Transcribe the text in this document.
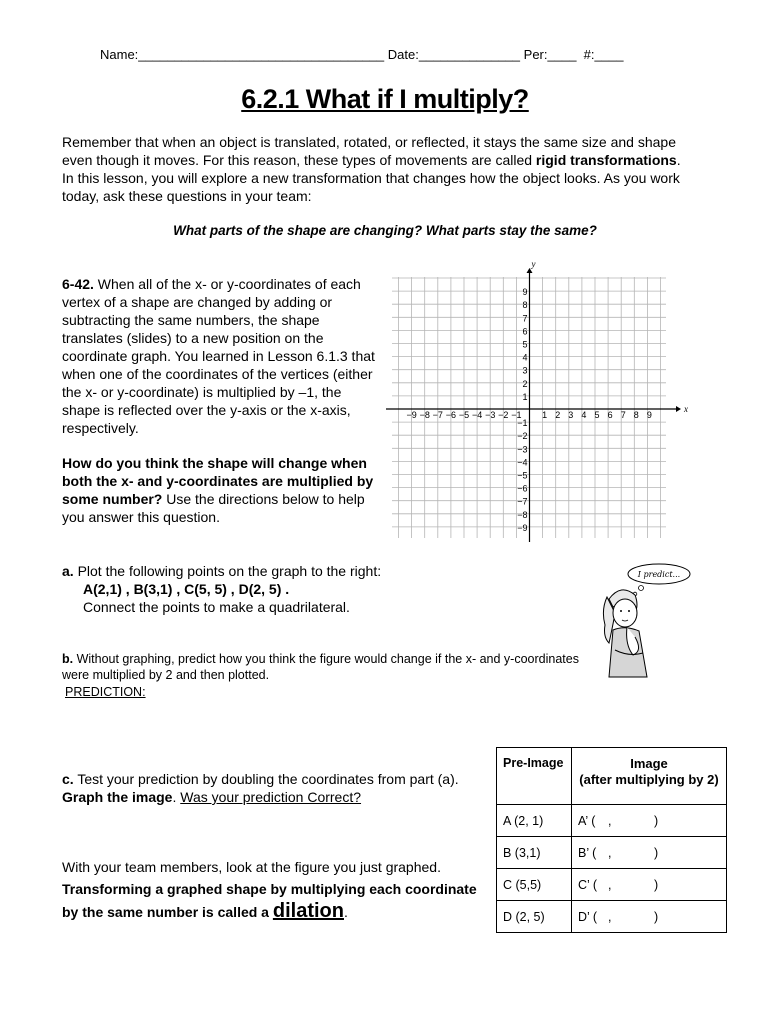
Name:__________________________________ Date:______________ Per:____  #:____
6.2.1 What if I multiply?
Remember that when an object is translated, rotated, or reflected, it stays the same size and shape even though it moves. For this reason, these types of movements are called rigid transformations. In this lesson, you will explore a new transformation that changes how the object looks. As you work today, ask these questions in your team:
What parts of the shape are changing? What parts stay the same?
6-42. When all of the x- or y-coordinates of each vertex of a shape are changed by adding or subtracting the same numbers, the shape translates (slides) to a new position on the coordinate graph. You learned in Lesson 6.1.3 that when one of the coordinates of the vertices (either the x- or y-coordinate) is multiplied by –1, the shape is reflected over the y-axis or the x-axis, respectively.
How do you think the shape will change when both the x- and y-coordinates are multiplied by some number? Use the directions below to help you answer this question.
−9 −8 −7 −6 −5 −4 −3 −2 −1 1 2 3 4 5 6 7 8 9
1
2
3
4
5
6
7
8
9
−1
−2
−3
−4
−5
−6
−7
−8
−9
x
y
a. Plot the following points on the graph to the right:
A(2,1) , B(3,1) , C(5, 5) , D(2, 5) .
Connect the points to make a quadrilateral.
I predict...
b. Without graphing, predict how you think the figure would change if the x- and y-coordinates were multiplied by 2 and then plotted.
PREDICTION:
c. Test your prediction by doubling the coordinates from part (a). Graph the image. Was your prediction Correct?
With your team members, look at the figure you just graphed.
Transforming a graphed shape by multiplying each coordinate by the same number is called a dilation.
Pre-Image	Image
(after multiplying by 2)

A (2, 1)	A’ ( , )
B (3,1)	B’ ( , )
C (5,5)	C’ ( , )
D (2, 5)	D’ ( , )
